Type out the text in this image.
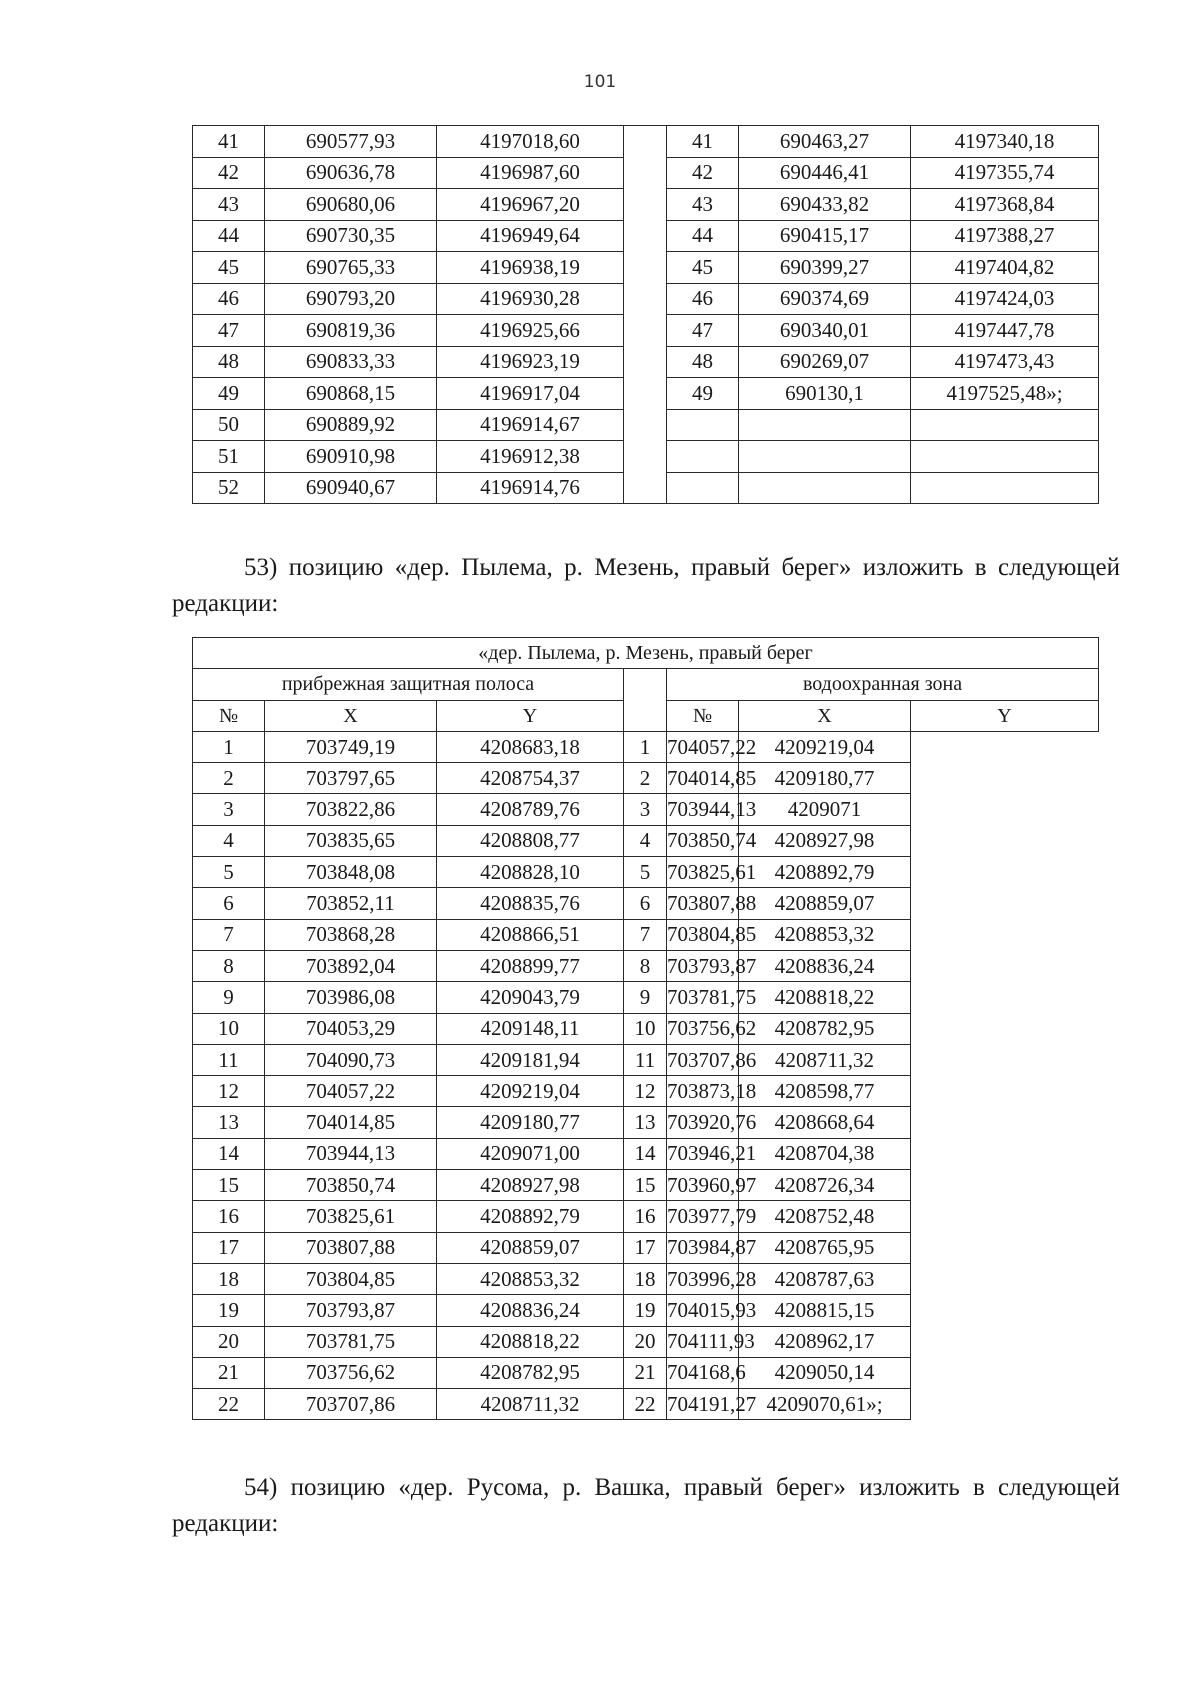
101
41	690577,93	4197018,60		41	690463,27	4197340,18
42	690636,78	4196987,60		42	690446,41	4197355,74
43	690680,06	4196967,20		43	690433,82	4197368,84
44	690730,35	4196949,64		44	690415,17	4197388,27
45	690765,33	4196938,19		45	690399,27	4197404,82
46	690793,20	4196930,28		46	690374,69	4197424,03
47	690819,36	4196925,66		47	690340,01	4197447,78
48	690833,33	4196923,19		48	690269,07	4197473,43
49	690868,15	4196917,04		49	690130,1	4197525,48»;
50	690889,92	4196914,67				
51	690910,98	4196912,38				
52	690940,67	4196914,76				
53) позицию «дер. Пылема, р. Мезень, правый берег» изложить в следующей редакции:
«дер. Пылема, р. Мезень, правый берег						
прибрежная защитная полоса				водоохранная зона		
№	X	Y		№	X	Y
1	703749,19	4208683,18	1	704057,22	4209219,04	
2	703797,65	4208754,37	2	704014,85	4209180,77	
3	703822,86	4208789,76	3	703944,13	4209071	
4	703835,65	4208808,77	4	703850,74	4208927,98	
5	703848,08	4208828,10	5	703825,61	4208892,79	
6	703852,11	4208835,76	6	703807,88	4208859,07	
7	703868,28	4208866,51	7	703804,85	4208853,32	
8	703892,04	4208899,77	8	703793,87	4208836,24	
9	703986,08	4209043,79	9	703781,75	4208818,22	
10	704053,29	4209148,11	10	703756,62	4208782,95	
11	704090,73	4209181,94	11	703707,86	4208711,32	
12	704057,22	4209219,04	12	703873,18	4208598,77	
13	704014,85	4209180,77	13	703920,76	4208668,64	
14	703944,13	4209071,00	14	703946,21	4208704,38	
15	703850,74	4208927,98	15	703960,97	4208726,34	
16	703825,61	4208892,79	16	703977,79	4208752,48	
17	703807,88	4208859,07	17	703984,87	4208765,95	
18	703804,85	4208853,32	18	703996,28	4208787,63	
19	703793,87	4208836,24	19	704015,93	4208815,15	
20	703781,75	4208818,22	20	704111,93	4208962,17	
21	703756,62	4208782,95	21	704168,6	4209050,14	
22	703707,86	4208711,32	22	704191,27	4209070,61»;	
54) позицию «дер. Русома, р. Вашка, правый берег» изложить в следующей редакции:
